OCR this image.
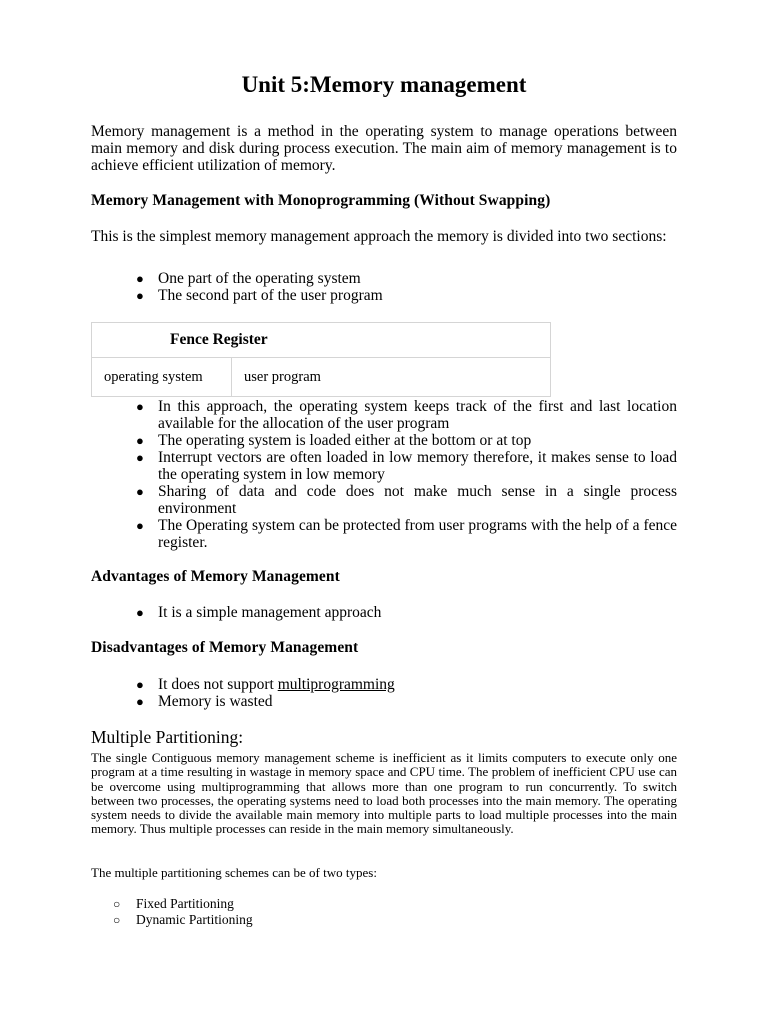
Unit 5:Memory management

Memory management is a method in the operating system to manage operations between main memory and disk during process execution. The main aim of memory management is to achieve efficient utilization of memory.

Memory Management with Monoprogramming (Without Swapping)

This is the simplest memory management approach the memory is divided into two sections:

● One part of the operating system
● The second part of the user program
Fence Register
operating system	user program
● In this approach, the operating system keeps track of the first and last location available for the allocation of the user program
● The operating system is loaded either at the bottom or at top
● Interrupt vectors are often loaded in low memory therefore, it makes sense to load the operating system in low memory
● Sharing of data and code does not make much sense in a single process environment
● The Operating system can be protected from user programs with the help of a fence register.

Advantages of Memory Management

● It is a simple management approach

Disadvantages of Memory Management

● It does not support multiprogramming
● Memory is wasted

Multiple Partitioning:

The single Contiguous memory management scheme is inefficient as it limits computers to execute only one program at a time resulting in wastage in memory space and CPU time. The problem of inefficient CPU use can be overcome using multiprogramming that allows more than one program to run concurrently. To switch between two processes, the operating systems need to load both processes into the main memory. The operating system needs to divide the available main memory into multiple parts to load multiple processes into the main memory. Thus multiple processes can reside in the main memory simultaneously.

The multiple partitioning schemes can be of two types:

○ Fixed Partitioning
○ Dynamic Partitioning
